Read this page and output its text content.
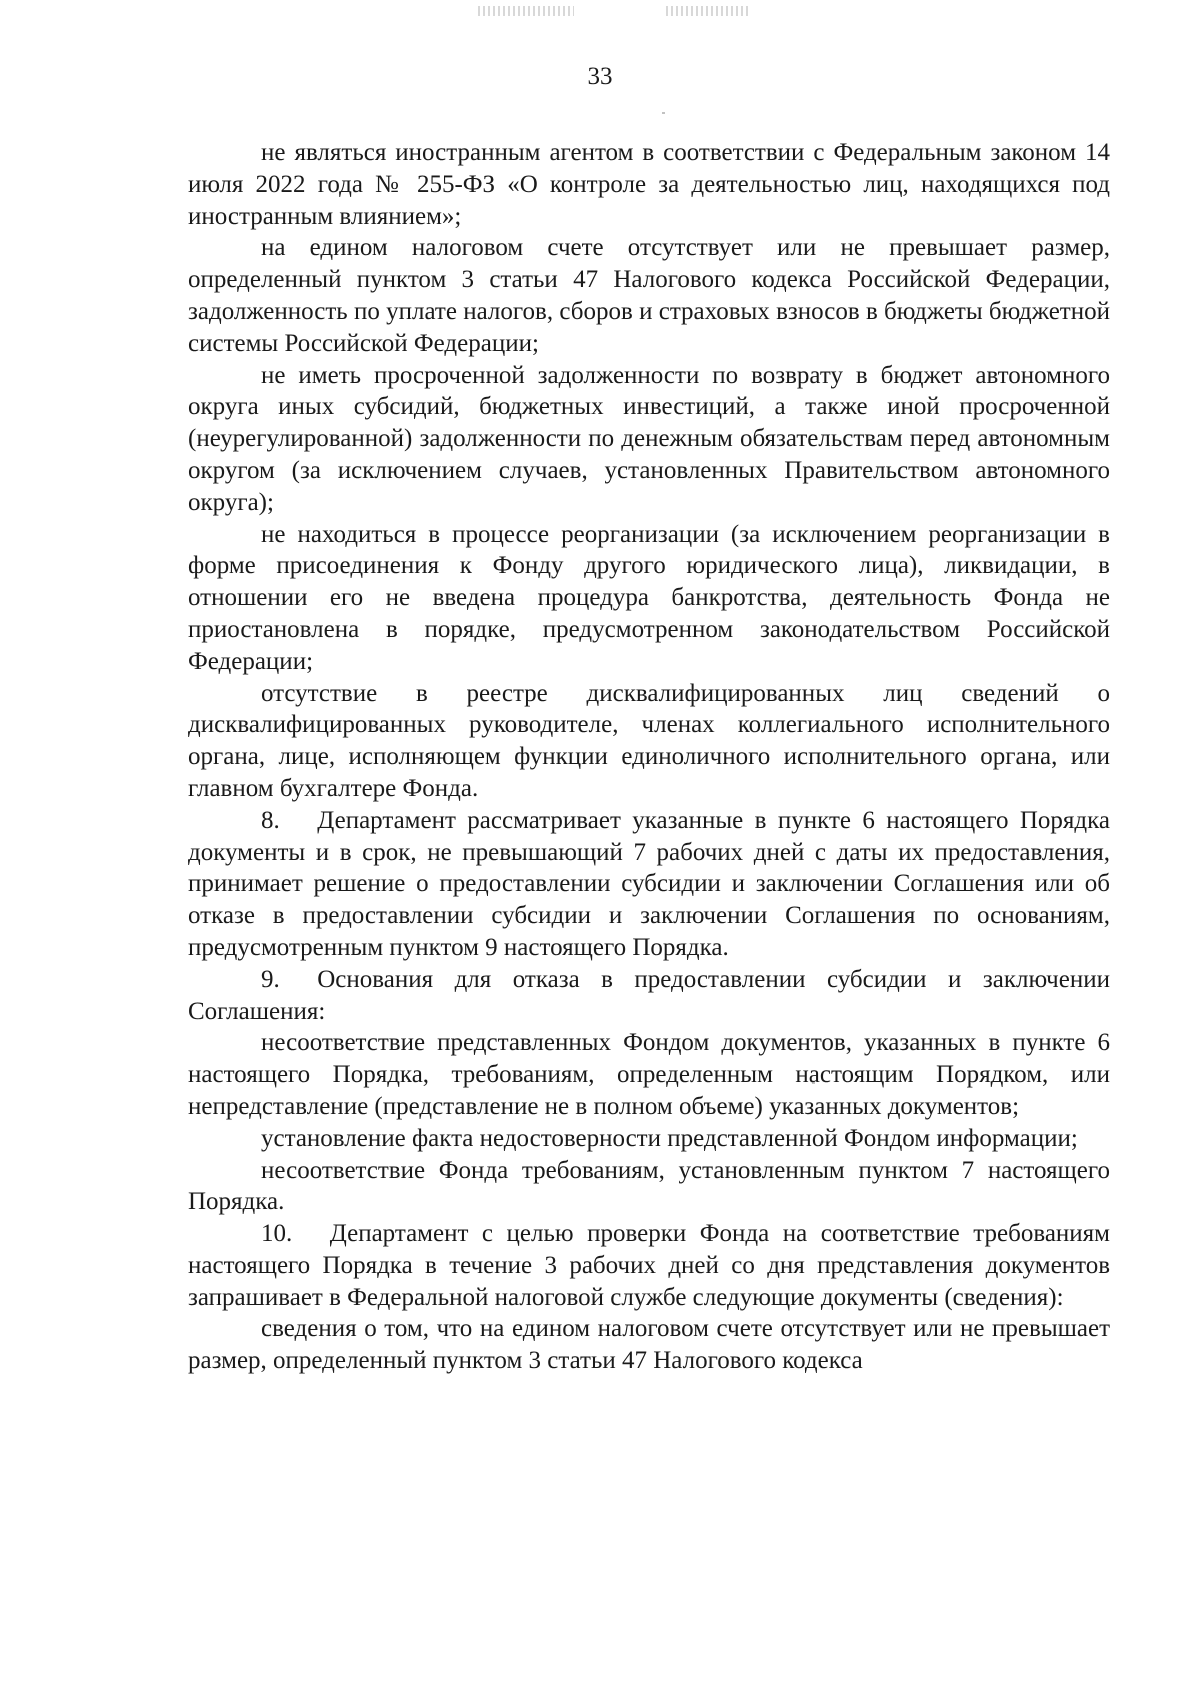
33

не являться иностранным агентом в соответствии с Федеральным законом 14 июля 2022 года № 255-ФЗ «О контроле за деятельностью лиц, находящихся под иностранным влиянием»;

на едином налоговом счете отсутствует или не превышает размер, определенный пунктом 3 статьи 47 Налогового кодекса Российской Федерации, задолженность по уплате налогов, сборов и страховых взносов в бюджеты бюджетной системы Российской Федерации;

не иметь просроченной задолженности по возврату в бюджет автономного округа иных субсидий, бюджетных инвестиций, а также иной просроченной (неурегулированной) задолженности по денежным обязательствам перед автономным округом (за исключением случаев, установленных Правительством автономного округа);

не находиться в процессе реорганизации (за исключением реорганизации в форме присоединения к Фонду другого юридического лица), ликвидации, в отношении его не введена процедура банкротства, деятельность Фонда не приостановлена в порядке, предусмотренном законодательством Российской Федерации;

отсутствие в реестре дисквалифицированных лиц сведений о дисквалифицированных руководителе, членах коллегиального исполнительного органа, лице, исполняющем функции единоличного исполнительного органа, или главном бухгалтере Фонда.

8.  Департамент рассматривает указанные в пункте 6 настоящего Порядка документы и в срок, не превышающий 7 рабочих дней с даты их предоставления, принимает решение о предоставлении субсидии и заключении Соглашения или об отказе в предоставлении субсидии и заключении Соглашения по основаниям, предусмотренным пунктом 9 настоящего Порядка.

9.  Основания для отказа в предоставлении субсидии и заключении Соглашения:

несоответствие представленных Фондом документов, указанных в пункте 6 настоящего Порядка, требованиям, определенным настоящим Порядком, или непредставление (представление не в полном объеме) указанных документов;

установление факта недостоверности представленной Фондом информации;

несоответствие Фонда требованиям, установленным пунктом 7 настоящего Порядка.

10.  Департамент с целью проверки Фонда на соответствие требованиям настоящего Порядка в течение 3 рабочих дней со дня представления документов запрашивает в Федеральной налоговой службе следующие документы (сведения):

сведения о том, что на едином налоговом счете отсутствует или не превышает размер, определенный пунктом 3 статьи 47 Налогового кодекса
